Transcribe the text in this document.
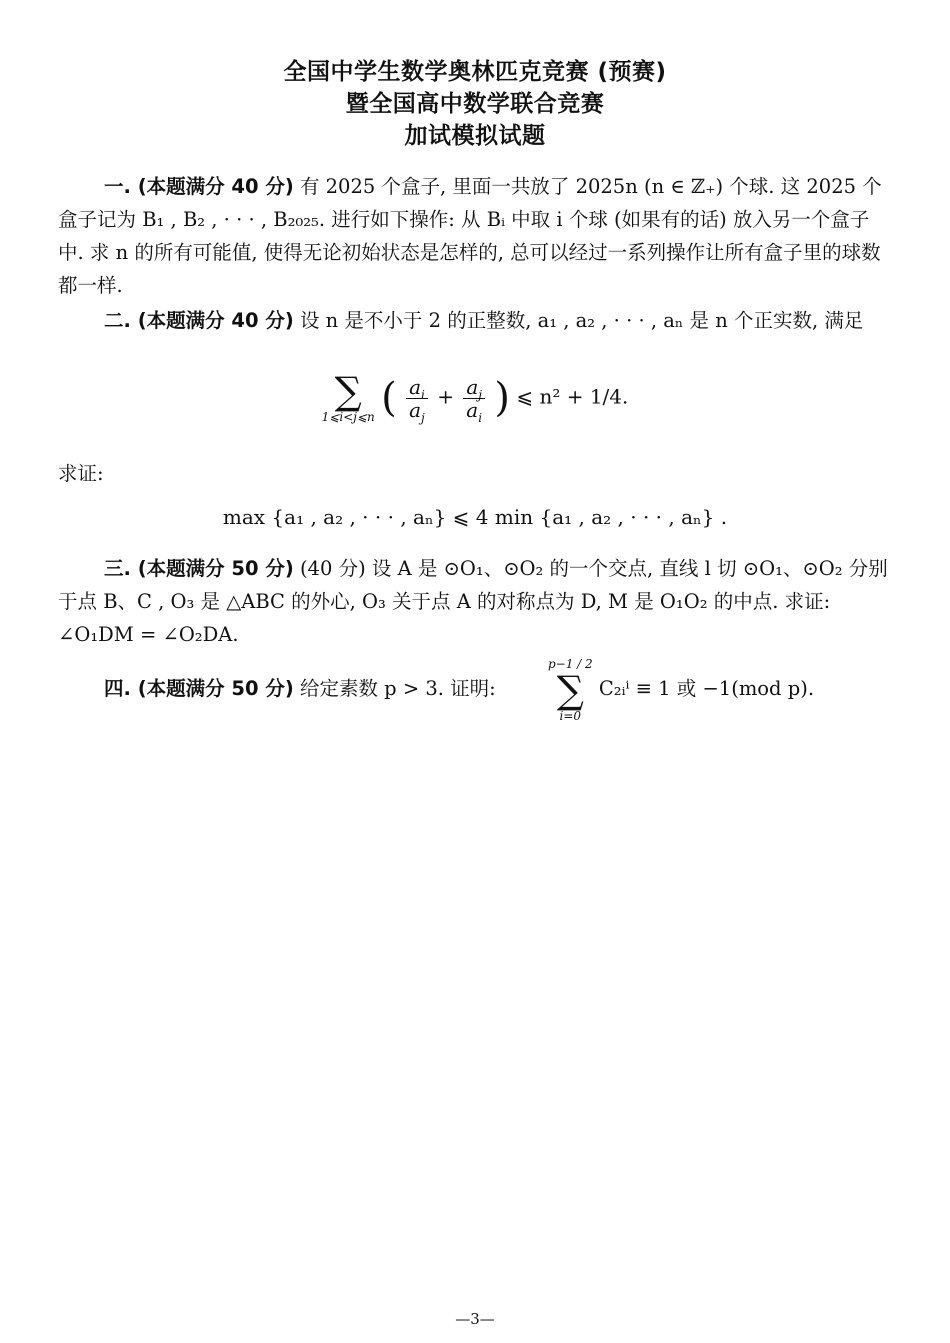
全国中学生数学奥林匹克竞赛 (预赛)
暨全国高中数学联合竞赛
加试模拟试题
一. (本题满分 40 分) 有 2025 个盒子, 里面一共放了 2025n (n ∈ ℤ₊) 个球. 这 2025 个盒子记为 B₁ , B₂ , · · · , B₂₀₂₅. 进行如下操作: 从 Bᵢ 中取 i 个球 (如果有的话) 放入另一个盒子中. 求 n 的所有可能值, 使得无论初始状态是怎样的, 总可以经过一系列操作让所有盒子里的球数都一样.
二. (本题满分 40 分) 设 n 是不小于 2 的正整数, a₁ , a₂ , · · · , aₙ 是 n 个正实数, 满足
∑
1⩽i<j⩽n ( $\frac{a_i}{a_j} + \frac{a_j}{a_i}$ ) ⩽ n² + 1/4.
求证:
max {a₁ , a₂ , · · · , aₙ} ⩽ 4 min {a₁ , a₂ , · · · , aₙ} .
三. (本题满分 50 分) (40 分) 设 A 是 ⊙O₁、⊙O₂ 的一个交点, 直线 l 切 ⊙O₁、⊙O₂ 分别于点 B、C , O₃ 是 △ABC 的外心, O₃ 关于点 A 的对称点为 D, M 是 O₁O₂ 的中点. 求证: ∠O₁DM = ∠O₂DA.
四. (本题满分 50 分) 给定素数 p > 3. 证明:
p−1 / 2
∑
i=0
C₂ᵢⁱ ≡ 1 或 −1(mod p).
—3—
